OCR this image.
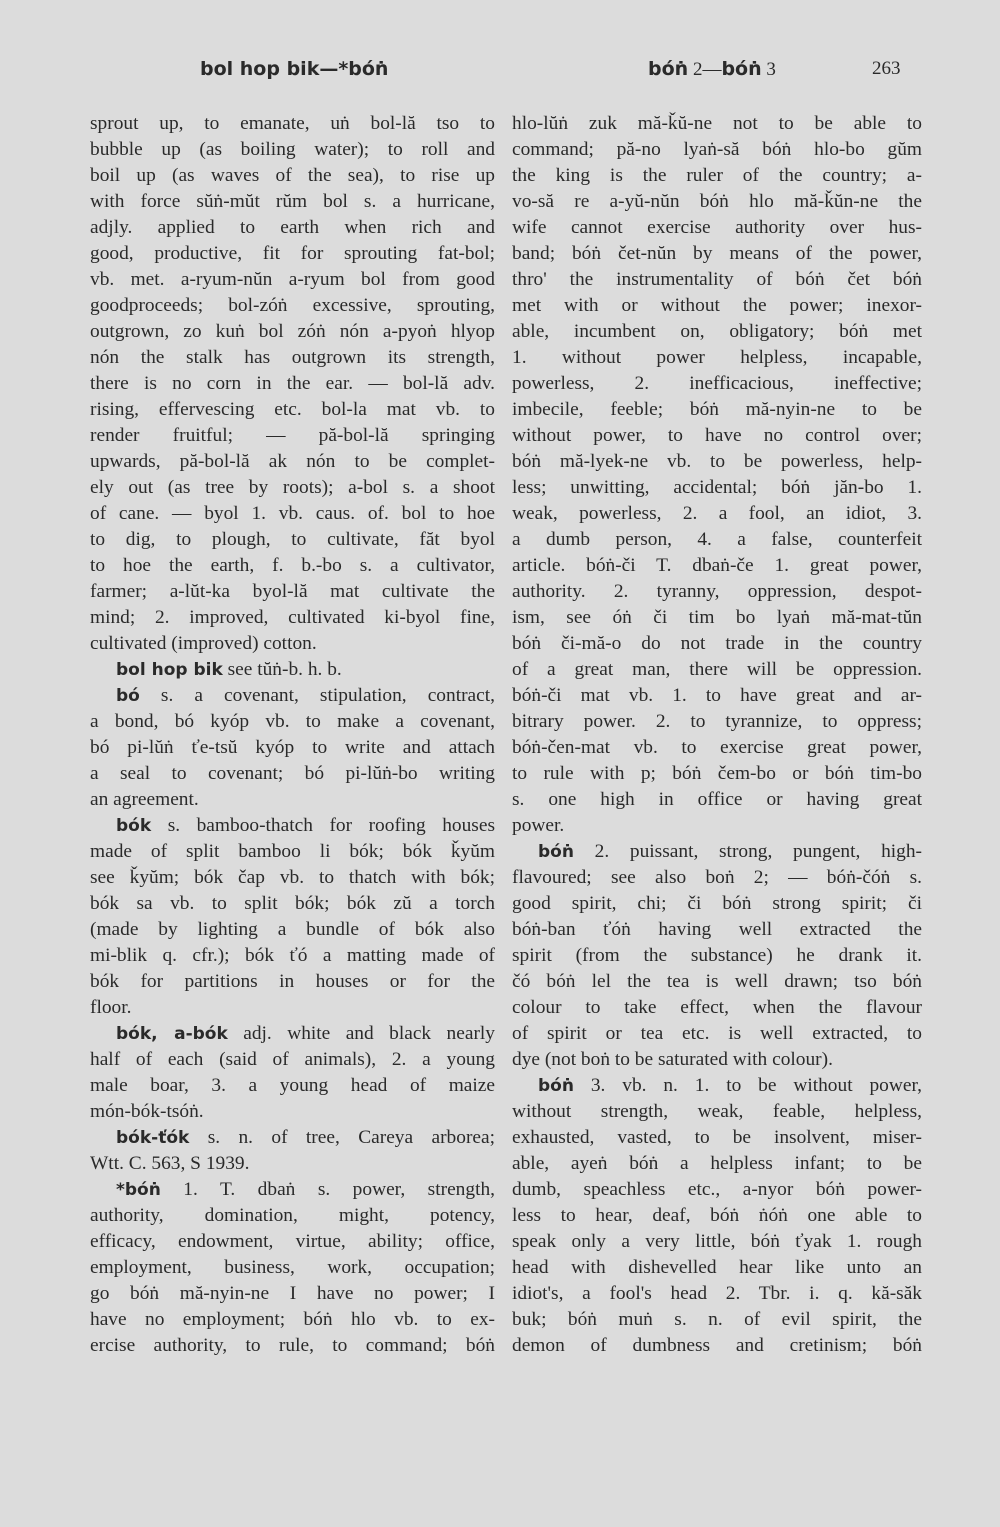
bol hop bik—*bóṅ	bóṅ 2—bóṅ 3	263
sprout up, to emanate, uṅ bol-lă tso to
bubble up (as boiling water); to roll and
boil up (as waves of the sea), to rise up
with force sŭṅ-mŭt rŭm bol s. a hurricane,
adjly. applied to earth when rich and
good, productive, fit for sprouting fat-bol;
vb. met. a-ryum-nŭn a-ryum bol from good
goodproceeds; bol-zóṅ excessive, sprouting,
outgrown, zo kuṅ bol zóṅ nón a-pyoṅ hlyop
nón the stalk has outgrown its strength,
there is no corn in the ear. — bol-lă adv.
rising, effervescing etc. bol-la mat vb. to
render fruitful; — pă-bol-lă springing
upwards, pă-bol-lă ak nón to be complet-
ely out (as tree by roots); a-bol s. a shoot
of cane. — byol 1. vb. caus. of. bol to hoe
to dig, to plough, to cultivate, făt byol
to hoe the earth, f. b.-bo s. a cultivator,
farmer; a-lŭt-ka byol-lă mat cultivate the
mind; 2. improved, cultivated ki-byol fine,
cultivated (improved) cotton.
bol hop bik see tŭṅ-b. h. b.
bó s. a covenant, stipulation, contract,
a bond, bó kyóp vb. to make a covenant,
bó pi-lŭṅ ťe-tsŭ kyóp to write and attach
a seal to covenant; bó pi-lŭṅ-bo writing
an agreement.
bók s. bamboo-thatch for roofing houses
made of split bamboo li bók; bók ǩyŭm
see ǩyŭm; bók čap vb. to thatch with bók;
bók sa vb. to split bók; bók zŭ a torch
(made by lighting a bundle of bók also
mi-blik q. cfr.); bók ťó a matting made of
bók for partitions in houses or for the
floor.
bók, a-bók adj. white and black nearly
half of each (said of animals), 2. a young
male boar, 3. a young head of maize
món-bók-tsóṅ.
bók-ťók s. n. of tree, Careya arborea;
Wtt. C. 563, S 1939.
*bóṅ 1. T. dbaṅ s. power, strength,
authority, domination, might, potency,
efficacy, endowment, virtue, ability; office,
employment, business, work, occupation;
go bóṅ mă-nyin-ne I have no power; I
have no employment; bóṅ hlo vb. to ex-
ercise authority, to rule, to command; bóṅ
hlo-lŭṅ zuk mă-ǩŭ-ne not to be able to
command; pă-no lyaṅ-să bóṅ hlo-bo gŭm
the king is the ruler of the country; a-
vo-să re a-yŭ-nŭn bóṅ hlo mă-ǩŭn-ne the
wife cannot exercise authority over hus-
band; bóṅ čet-nŭn by means of the power,
thro' the instrumentality of bóṅ čet bóṅ
met with or without the power; inexor-
able, incumbent on, obligatory; bóṅ met
1. without power helpless, incapable,
powerless, 2. inefficacious, ineffective;
imbecile, feeble; bóṅ mă-nyin-ne to be
without power, to have no control over;
bóṅ mă-lyek-ne vb. to be powerless, help-
less; unwitting, accidental; bóṅ jăn-bo 1.
weak, powerless, 2. a fool, an idiot, 3.
a dumb person, 4. a false, counterfeit
article. bóṅ-či T. dbaṅ-če 1. great power,
authority. 2. tyranny, oppression, despot-
ism, see óṅ či tim bo lyaṅ mă-mat-tŭn
bóṅ či-mă-o do not trade in the country
of a great man, there will be oppression.
bóṅ-či mat vb. 1. to have great and ar-
bitrary power. 2. to tyrannize, to oppress;
bóṅ-čen-mat vb. to exercise great power,
to rule with p; bóṅ čem-bo or bóṅ tim-bo
s. one high in office or having great
power.
bóṅ 2. puissant, strong, pungent, high-
flavoured; see also boṅ 2; — bóṅ-čóṅ s.
good spirit, chi; či bóṅ strong spirit; či
bóṅ-ban ťóṅ having well extracted the
spirit (from the substance) he drank it.
čó bóṅ lel the tea is well drawn; tso bóṅ
colour to take effect, when the flavour
of spirit or tea etc. is well extracted, to
dye (not boṅ to be saturated with colour).
bóṅ 3. vb. n. 1. to be without power,
without strength, weak, feable, helpless,
exhausted, vasted, to be insolvent, miser-
able, ayeṅ bóṅ a helpless infant; to be
dumb, speachless etc., a-nyor bóṅ power-
less to hear, deaf, bóṅ ṅóṅ one able to
speak only a very little, bóṅ ťyak 1. rough
head with dishevelled hear like unto an
idiot's, a fool's head 2. Tbr. i. q. kă-săk
buk; bóṅ muṅ s. n. of evil spirit, the
demon of dumbness and cretinism; bóṅ
